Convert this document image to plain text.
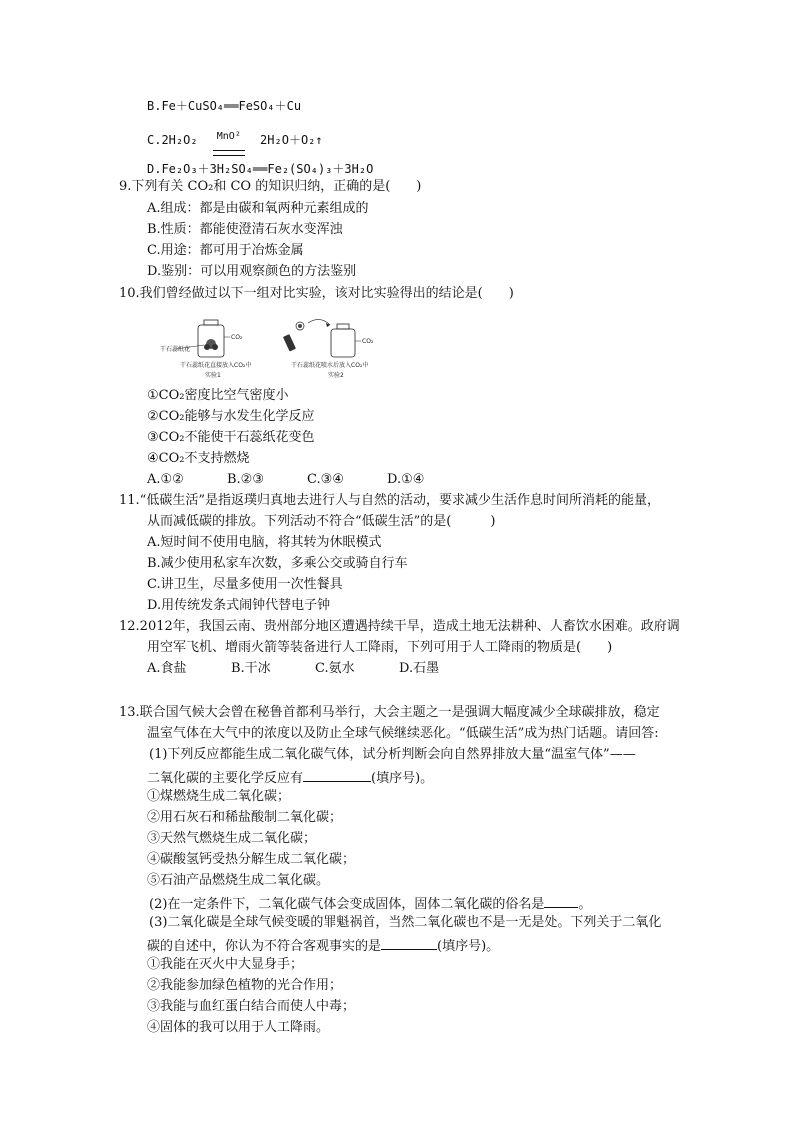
B.Fe＋CuSO₄══FeSO₄＋Cu
C.2H₂O₂	MnO²	2H₂O＋O₂↑
D.Fe₂O₃＋3H₂SO₄══Fe₂(SO₄)₃＋3H₂O
9.下列有关 CO₂和 CO 的知识归纳，正确的是(　　)
A.组成：都是由碳和氧两种元素组成的
B.性质：都能使澄清石灰水变浑浊
C.用途：都可用于冶炼金属
D.鉴别：可以用观察颜色的方法鉴别
10.我们曾经做过以下一组对比实验，该对比实验得出的结论是(　　)
干石蕊纸花
CO₂
干石蕊纸花直接放入CO₂中
实验1
CO₂
干石蕊纸花喷水后放入CO₂中
实验2
①CO₂密度比空气密度小
②CO₂能够与水发生化学反应
③CO₂不能使干石蕊纸花变色
④CO₂不支持燃烧
A.①②	B.②③	C.③④	D.①④
11.“低碳生活”是指返璞归真地去进行人与自然的活动，要求减少生活作息时间所消耗的能量，
从而减低碳的排放。下列活动不符合“低碳生活”的是(　　　)
A.短时间不使用电脑，将其转为休眠模式
B.减少使用私家车次数，多乘公交或骑自行车
C.讲卫生，尽量多使用一次性餐具
D.用传统发条式闹钟代替电子钟
12.2012年，我国云南、贵州部分地区遭遇持续干旱，造成土地无法耕种、人畜饮水困难。政府调
用空军飞机、增雨火箭等装备进行人工降雨，下列可用于人工降雨的物质是(　　)
A.食盐	B.干冰	C.氨水	D.石墨
13.联合国气候大会曾在秘鲁首都利马举行，大会主题之一是强调大幅度减少全球碳排放，稳定
温室气体在大气中的浓度以及防止全球气候继续恶化。“低碳生活”成为热门话题。请回答:
(1)下列反应都能生成二氧化碳气体，试分析判断会向自然界排放大量“温室气体”——
二氧化碳的主要化学反应有	(填序号)。
①煤燃烧生成二氧化碳；
②用石灰石和稀盐酸制二氧化碳；
③天然气燃烧生成二氧化碳；
④碳酸氢钙受热分解生成二氧化碳；
⑤石油产品燃烧生成二氧化碳。
(2)在一定条件下，二氧化碳气体会变成固体，固体二氧化碳的俗名是	。
(3)二氧化碳是全球气候变暖的罪魁祸首，当然二氧化碳也不是一无是处。下列关于二氧化
碳的自述中，你认为不符合客观事实的是	(填序号)。
①我能在灭火中大显身手；
②我能参加绿色植物的光合作用；
③我能与血红蛋白结合而使人中毒；
④固体的我可以用于人工降雨。
